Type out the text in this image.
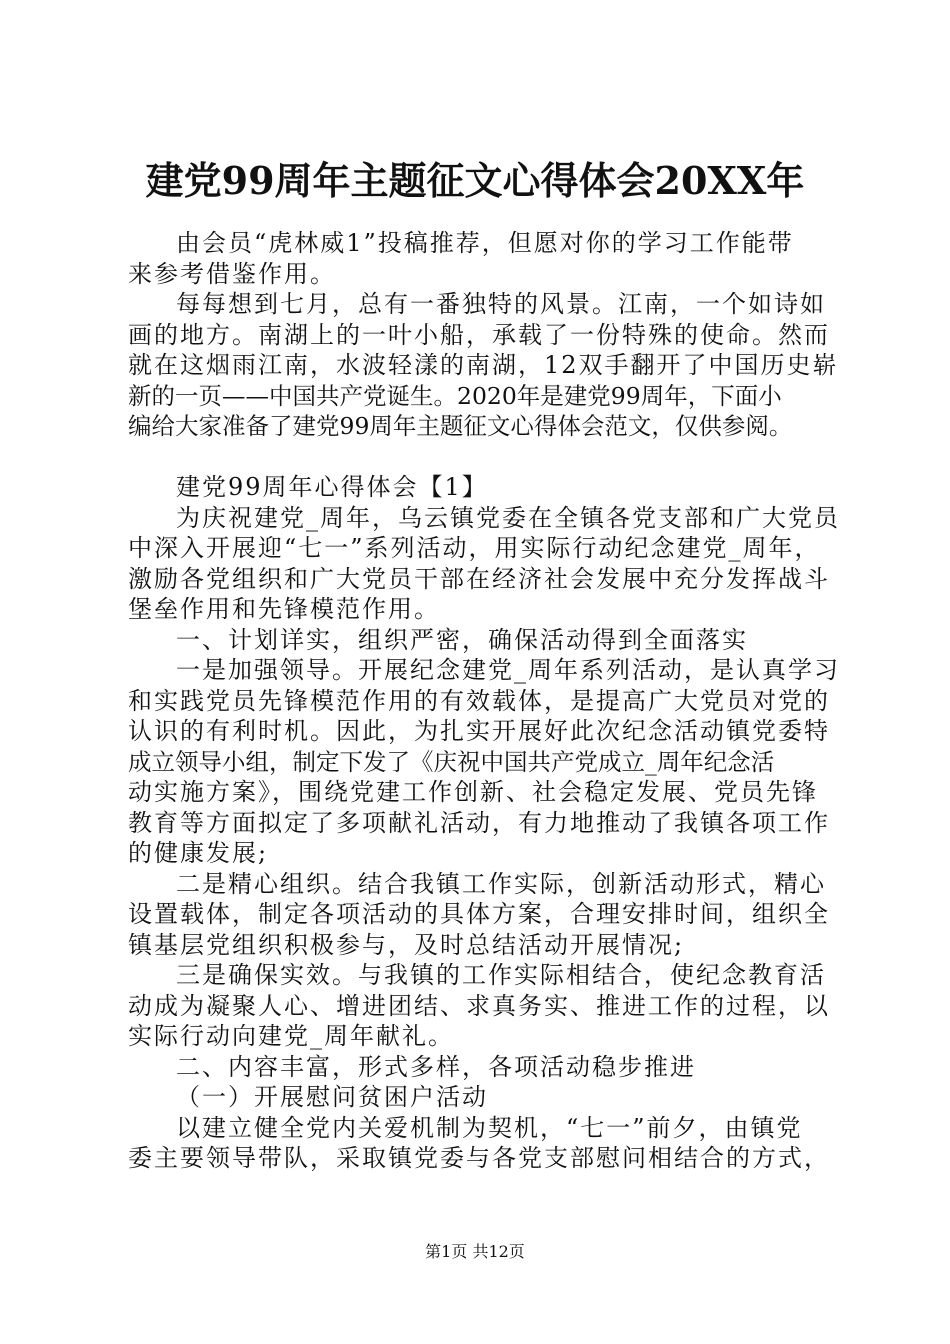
建党99周年主题征文心得体会20XX年
由会员“虎林威1”投稿推荐，但愿对你的学习工作能带
来参考借鉴作用。
每每想到七月，总有一番独特的风景。江南，一个如诗如
画的地方。南湖上的一叶小船，承载了一份特殊的使命。然而
就在这烟雨江南，水波轻漾的南湖，12双手翻开了中国历史崭
新的一页——中国共产党诞生。2020年是建党99周年，下面小
编给大家准备了建党99周年主题征文心得体会范文，仅供参阅。
建党99周年心得体会【1】
为庆祝建党_周年，乌云镇党委在全镇各党支部和广大党员
中深入开展迎“七一”系列活动，用实际行动纪念建党_周年，
激励各党组织和广大党员干部在经济社会发展中充分发挥战斗
堡垒作用和先锋模范作用。
一、计划详实，组织严密，确保活动得到全面落实
一是加强领导。开展纪念建党_周年系列活动，是认真学习
和实践党员先锋模范作用的有效载体，是提高广大党员对党的
认识的有利时机。因此，为扎实开展好此次纪念活动镇党委特
成立领导小组，制定下发了《庆祝中国共产党成立_周年纪念活
动实施方案》，围绕党建工作创新、社会稳定发展、党员先锋
教育等方面拟定了多项献礼活动，有力地推动了我镇各项工作
的健康发展;
二是精心组织。结合我镇工作实际，创新活动形式，精心
设置载体，制定各项活动的具体方案，合理安排时间，组织全
镇基层党组织积极参与，及时总结活动开展情况;
三是确保实效。与我镇的工作实际相结合，使纪念教育活
动成为凝聚人心、增进团结、求真务实、推进工作的过程，以
实际行动向建党_周年献礼。
二、内容丰富，形式多样，各项活动稳步推进
（一）开展慰问贫困户活动
以建立健全党内关爱机制为契机，“七一”前夕，由镇党
委主要领导带队，采取镇党委与各党支部慰问相结合的方式，
第1页 共12页
